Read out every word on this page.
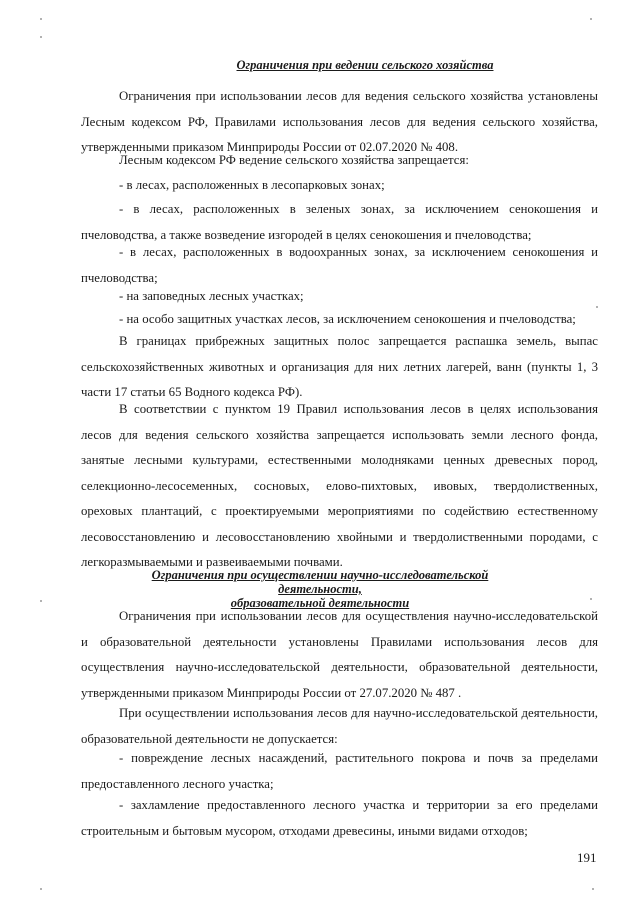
Ограничения при ведении сельского хозяйства
Ограничения при использовании лесов для ведения сельского хозяйства установлены Лесным кодексом РФ, Правилами использования лесов для ведения сельского хозяйства, утвержденными приказом Минприроды России от 02.07.2020 № 408.
Лесным кодексом РФ ведение сельского хозяйства запрещается:
- в лесах, расположенных в лесопарковых зонах;
- в лесах, расположенных в зеленых зонах, за исключением сенокошения и пчеловодства, а также возведение изгородей в целях сенокошения и пчеловодства;
- в лесах, расположенных в водоохранных зонах, за исключением сенокошения и пчеловодства;
- на заповедных лесных участках;
- на особо защитных участках лесов, за исключением сенокошения и пчеловодства;
В границах прибрежных защитных полос запрещается распашка земель, выпас сельскохозяйственных животных и организация для них летних лагерей, ванн (пункты 1, 3 части 17 статьи 65 Водного кодекса РФ).
В соответствии с пунктом 19 Правил использования лесов в целях использования лесов для ведения сельского хозяйства запрещается использовать земли лесного фонда, занятые лесными культурами, естественными молодняками ценных древесных пород, селекционно-лесосеменных, сосновых, елово-пихтовых, ивовых, твердолиственных, ореховых плантаций, с проектируемыми мероприятиями по содействию естественному лесовосстановлению и лесовосстановлению хвойными и твердолиственными породами, с легкоразмываемыми и развеиваемыми почвами.
Ограничения при осуществлении научно-исследовательской деятельности,
образовательной деятельности
Ограничения при использовании лесов для осуществления научно-исследовательской и образовательной деятельности установлены Правилами использования лесов для осуществления научно-исследовательской деятельности, образовательной деятельности, утвержденными приказом Минприроды России от 27.07.2020 № 487 .
При осуществлении использования лесов для научно-исследовательской деятельности, образовательной деятельности не допускается:
- повреждение лесных насаждений, растительного покрова и почв за пределами предоставленного лесного участка;
- захламление предоставленного лесного участка и территории за его пределами строительным и бытовым мусором, отходами древесины, иными видами отходов;
191
